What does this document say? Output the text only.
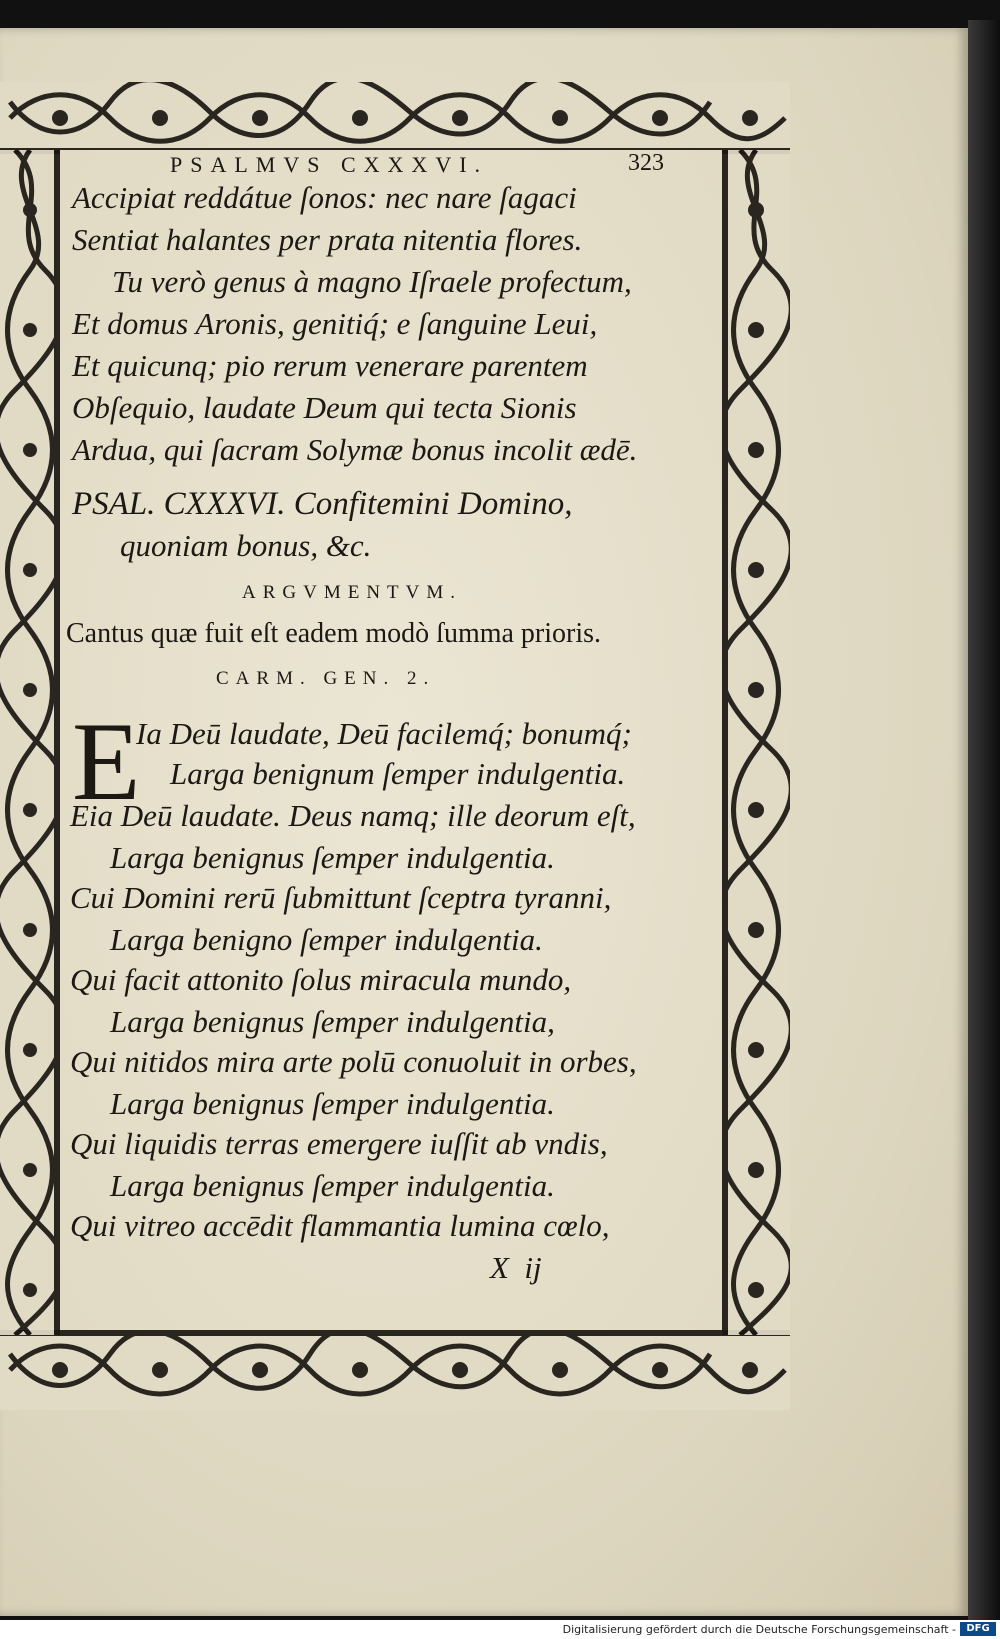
PSALMVS CXXXVI.	323
Accipiat reddátue ſonos: nec nare ſagaci
Sentiat halantes per prata nitentia flores.
Tu verò genus à magno Iſraele profectum,
Et domus Aronis, genitiq́; e ſanguine Leui,
Et quicunq; pio rerum venerare parentem
Obſequio, laudate Deum qui tecta Sionis
Ardua, qui ſacram Solymæ bonus incolit ædē.
PSAL. CXXXVI. Confitemini Domino,
quoniam bonus, &c.
ARGVMENTVM.
Cantus quæ fuit eſt eadem modò ſumma prioris.
CARM. GEN. 2.
E
Ia Deū laudate, Deū facilemq́; bonumq́;
Larga benignum ſemper indulgentia.
Eia Deū laudate. Deus namq; ille deorum eſt,
Larga benignus ſemper indulgentia.
Cui Domini rerū ſubmittunt ſceptra tyranni,
Larga benigno ſemper indulgentia.
Qui facit attonito ſolus miracula mundo,
Larga benignus ſemper indulgentia,
Qui nitidos mira arte polū conuoluit in orbes,
Larga benignus ſemper indulgentia.
Qui liquidis terras emergere iuſſit ab vndis,
Larga benignus ſemper indulgentia.
Qui vitreo accēdit flammantia lumina cœlo,
X  ij
Digitalisierung gefördert durch die Deutsche Forschungsgemeinschaft -	DFG
